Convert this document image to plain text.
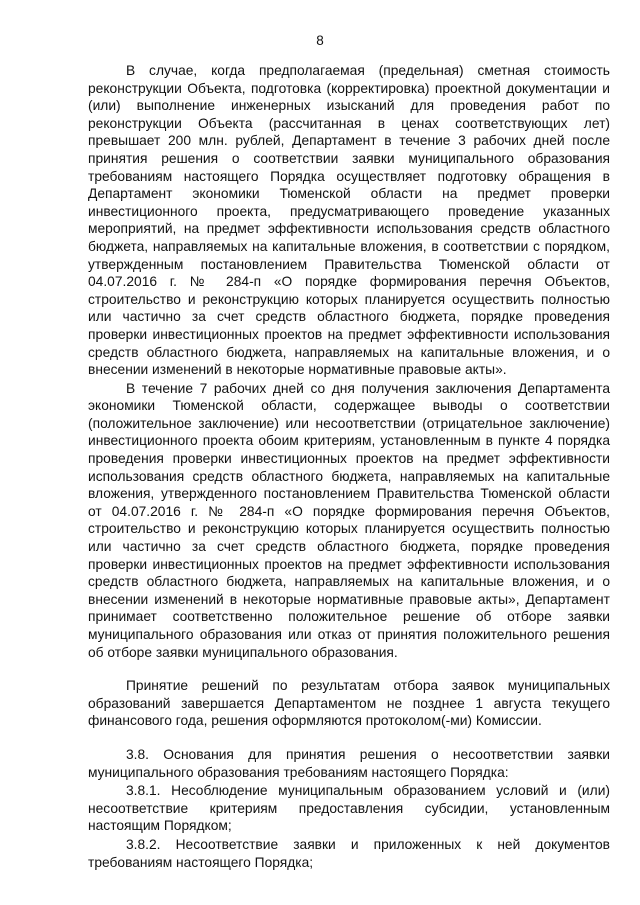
8

В случае, когда предполагаемая (предельная) сметная стоимость реконструкции Объекта, подготовка (корректировка) проектной документации и (или) выполнение инженерных изысканий для проведения работ по реконструкции Объекта (рассчитанная в ценах соответствующих лет) превышает 200 млн. рублей, Департамент в течение 3 рабочих дней после принятия решения о соответствии заявки муниципального образования требованиям настоящего Порядка осуществляет подготовку обращения в Департамент экономики Тюменской области на предмет проверки инвестиционного проекта, предусматривающего проведение указанных мероприятий, на предмет эффективности использования средств областного бюджета, направляемых на капитальные вложения, в соответствии с порядком, утвержденным постановлением Правительства Тюменской области от 04.07.2016 г. № 284-п «О порядке формирования перечня Объектов, строительство и реконструкцию которых планируется осуществить полностью или частично за счет средств областного бюджета, порядке проведения проверки инвестиционных проектов на предмет эффективности использования средств областного бюджета, направляемых на капитальные вложения, и о внесении изменений в некоторые нормативные правовые акты».

В течение 7 рабочих дней со дня получения заключения Департамента экономики Тюменской области, содержащее выводы о соответствии (положительное заключение) или несоответствии (отрицательное заключение) инвестиционного проекта обоим критериям, установленным в пункте 4 порядка проведения проверки инвестиционных проектов на предмет эффективности использования средств областного бюджета, направляемых на капитальные вложения, утвержденного постановлением Правительства Тюменской области от 04.07.2016 г. № 284-п «О порядке формирования перечня Объектов, строительство и реконструкцию которых планируется осуществить полностью или частично за счет средств областного бюджета, порядке проведения проверки инвестиционных проектов на предмет эффективности использования средств областного бюджета, направляемых на капитальные вложения, и о внесении изменений в некоторые нормативные правовые акты», Департамент принимает соответственно положительное решение об отборе заявки муниципального образования или отказ от принятия положительного решения об отборе заявки муниципального образования.

Принятие решений по результатам отбора заявок муниципальных образований завершается Департаментом не позднее 1 августа текущего финансового года, решения оформляются протоколом(-ми) Комиссии.

3.8. Основания для принятия решения о несоответствии заявки муниципального образования требованиям настоящего Порядка:

3.8.1. Несоблюдение муниципальным образованием условий и (или) несоответствие критериям предоставления субсидии, установленным настоящим Порядком;

3.8.2. Несоответствие заявки и приложенных к ней документов требованиям настоящего Порядка;
